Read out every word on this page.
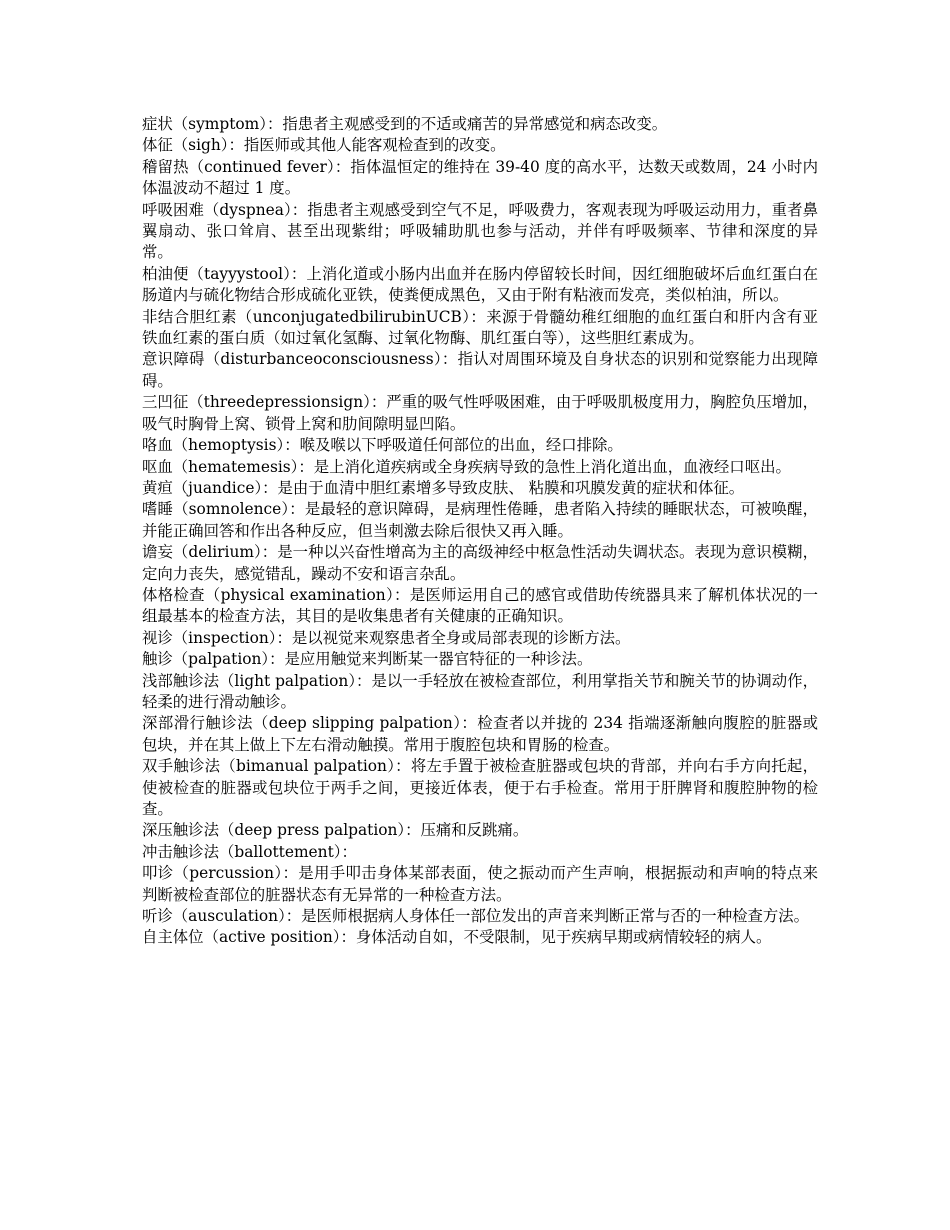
症状（symptom）：指患者主观感受到的不适或痛苦的异常感觉和病态改变。

体征（sigh）：指医师或其他人能客观检查到的改变。

稽留热（continued fever）：指体温恒定的维持在 39-40 度的高水平，达数天或数周，24 小时内体温波动不超过 1 度。

呼吸困难（dyspnea）：指患者主观感受到空气不足，呼吸费力，客观表现为呼吸运动用力，重者鼻翼扇动、张口耸肩、甚至出现紫绀；呼吸辅助肌也参与活动，并伴有呼吸频率、节律和深度的异常。

柏油便（tayyystool）：上消化道或小肠内出血并在肠内停留较长时间，因红细胞破坏后血红蛋白在肠道内与硫化物结合形成硫化亚铁，使粪便成黑色，又由于附有粘液而发亮，类似柏油，所以。

非结合胆红素（unconjugatedbilirubinUCB）：来源于骨髓幼稚红细胞的血红蛋白和肝内含有亚铁血红素的蛋白质（如过氧化氢酶、过氧化物酶、肌红蛋白等），这些胆红素成为。

意识障碍（disturbanceoconsciousness）：指认对周围环境及自身状态的识别和觉察能力出现障碍。

三凹征（threedepressionsign）：严重的吸气性呼吸困难，由于呼吸肌极度用力，胸腔负压增加，吸气时胸骨上窝、锁骨上窝和肋间隙明显凹陷。

咯血（hemoptysis）：喉及喉以下呼吸道任何部位的出血，经口排除。

呕血（hematemesis）：是上消化道疾病或全身疾病导致的急性上消化道出血，血液经口呕出。

黄疸（juandice）：是由于血清中胆红素增多导致皮肤、 粘膜和巩膜发黄的症状和体征。

嗜睡（somnolence）：是最轻的意识障碍，是病理性倦睡，患者陷入持续的睡眠状态，可被唤醒，并能正确回答和作出各种反应，但当刺激去除后很快又再入睡。

谵妄（delirium）：是一种以兴奋性增高为主的高级神经中枢急性活动失调状态。表现为意识模糊，定向力丧失，感觉错乱，躁动不安和语言杂乱。

体格检查（physical examination）：是医师运用自己的感官或借助传统器具来了解机体状况的一组最基本的检查方法，其目的是收集患者有关健康的正确知识。

视诊（inspection）：是以视觉来观察患者全身或局部表现的诊断方法。

触诊（palpation）：是应用触觉来判断某一器官特征的一种诊法。

浅部触诊法（light palpation）：是以一手轻放在被检查部位，利用掌指关节和腕关节的协调动作，轻柔的进行滑动触诊。

深部滑行触诊法（deep slipping palpation）：检查者以并拢的 234 指端逐渐触向腹腔的脏器或包块，并在其上做上下左右滑动触摸。常用于腹腔包块和胃肠的检查。

双手触诊法（bimanual palpation）：将左手置于被检查脏器或包块的背部，并向右手方向托起，使被检查的脏器或包块位于两手之间，更接近体表，便于右手检查。常用于肝脾肾和腹腔肿物的检查。

深压触诊法（deep press palpation）：压痛和反跳痛。

冲击触诊法（ballottement）：

叩诊（percussion）：是用手叩击身体某部表面，使之振动而产生声响，根据振动和声响的特点来判断被检查部位的脏器状态有无异常的一种检查方法。

听诊（ausculation）：是医师根据病人身体任一部位发出的声音来判断正常与否的一种检查方法。

自主体位（active position）：身体活动自如，不受限制，见于疾病早期或病情较轻的病人。
